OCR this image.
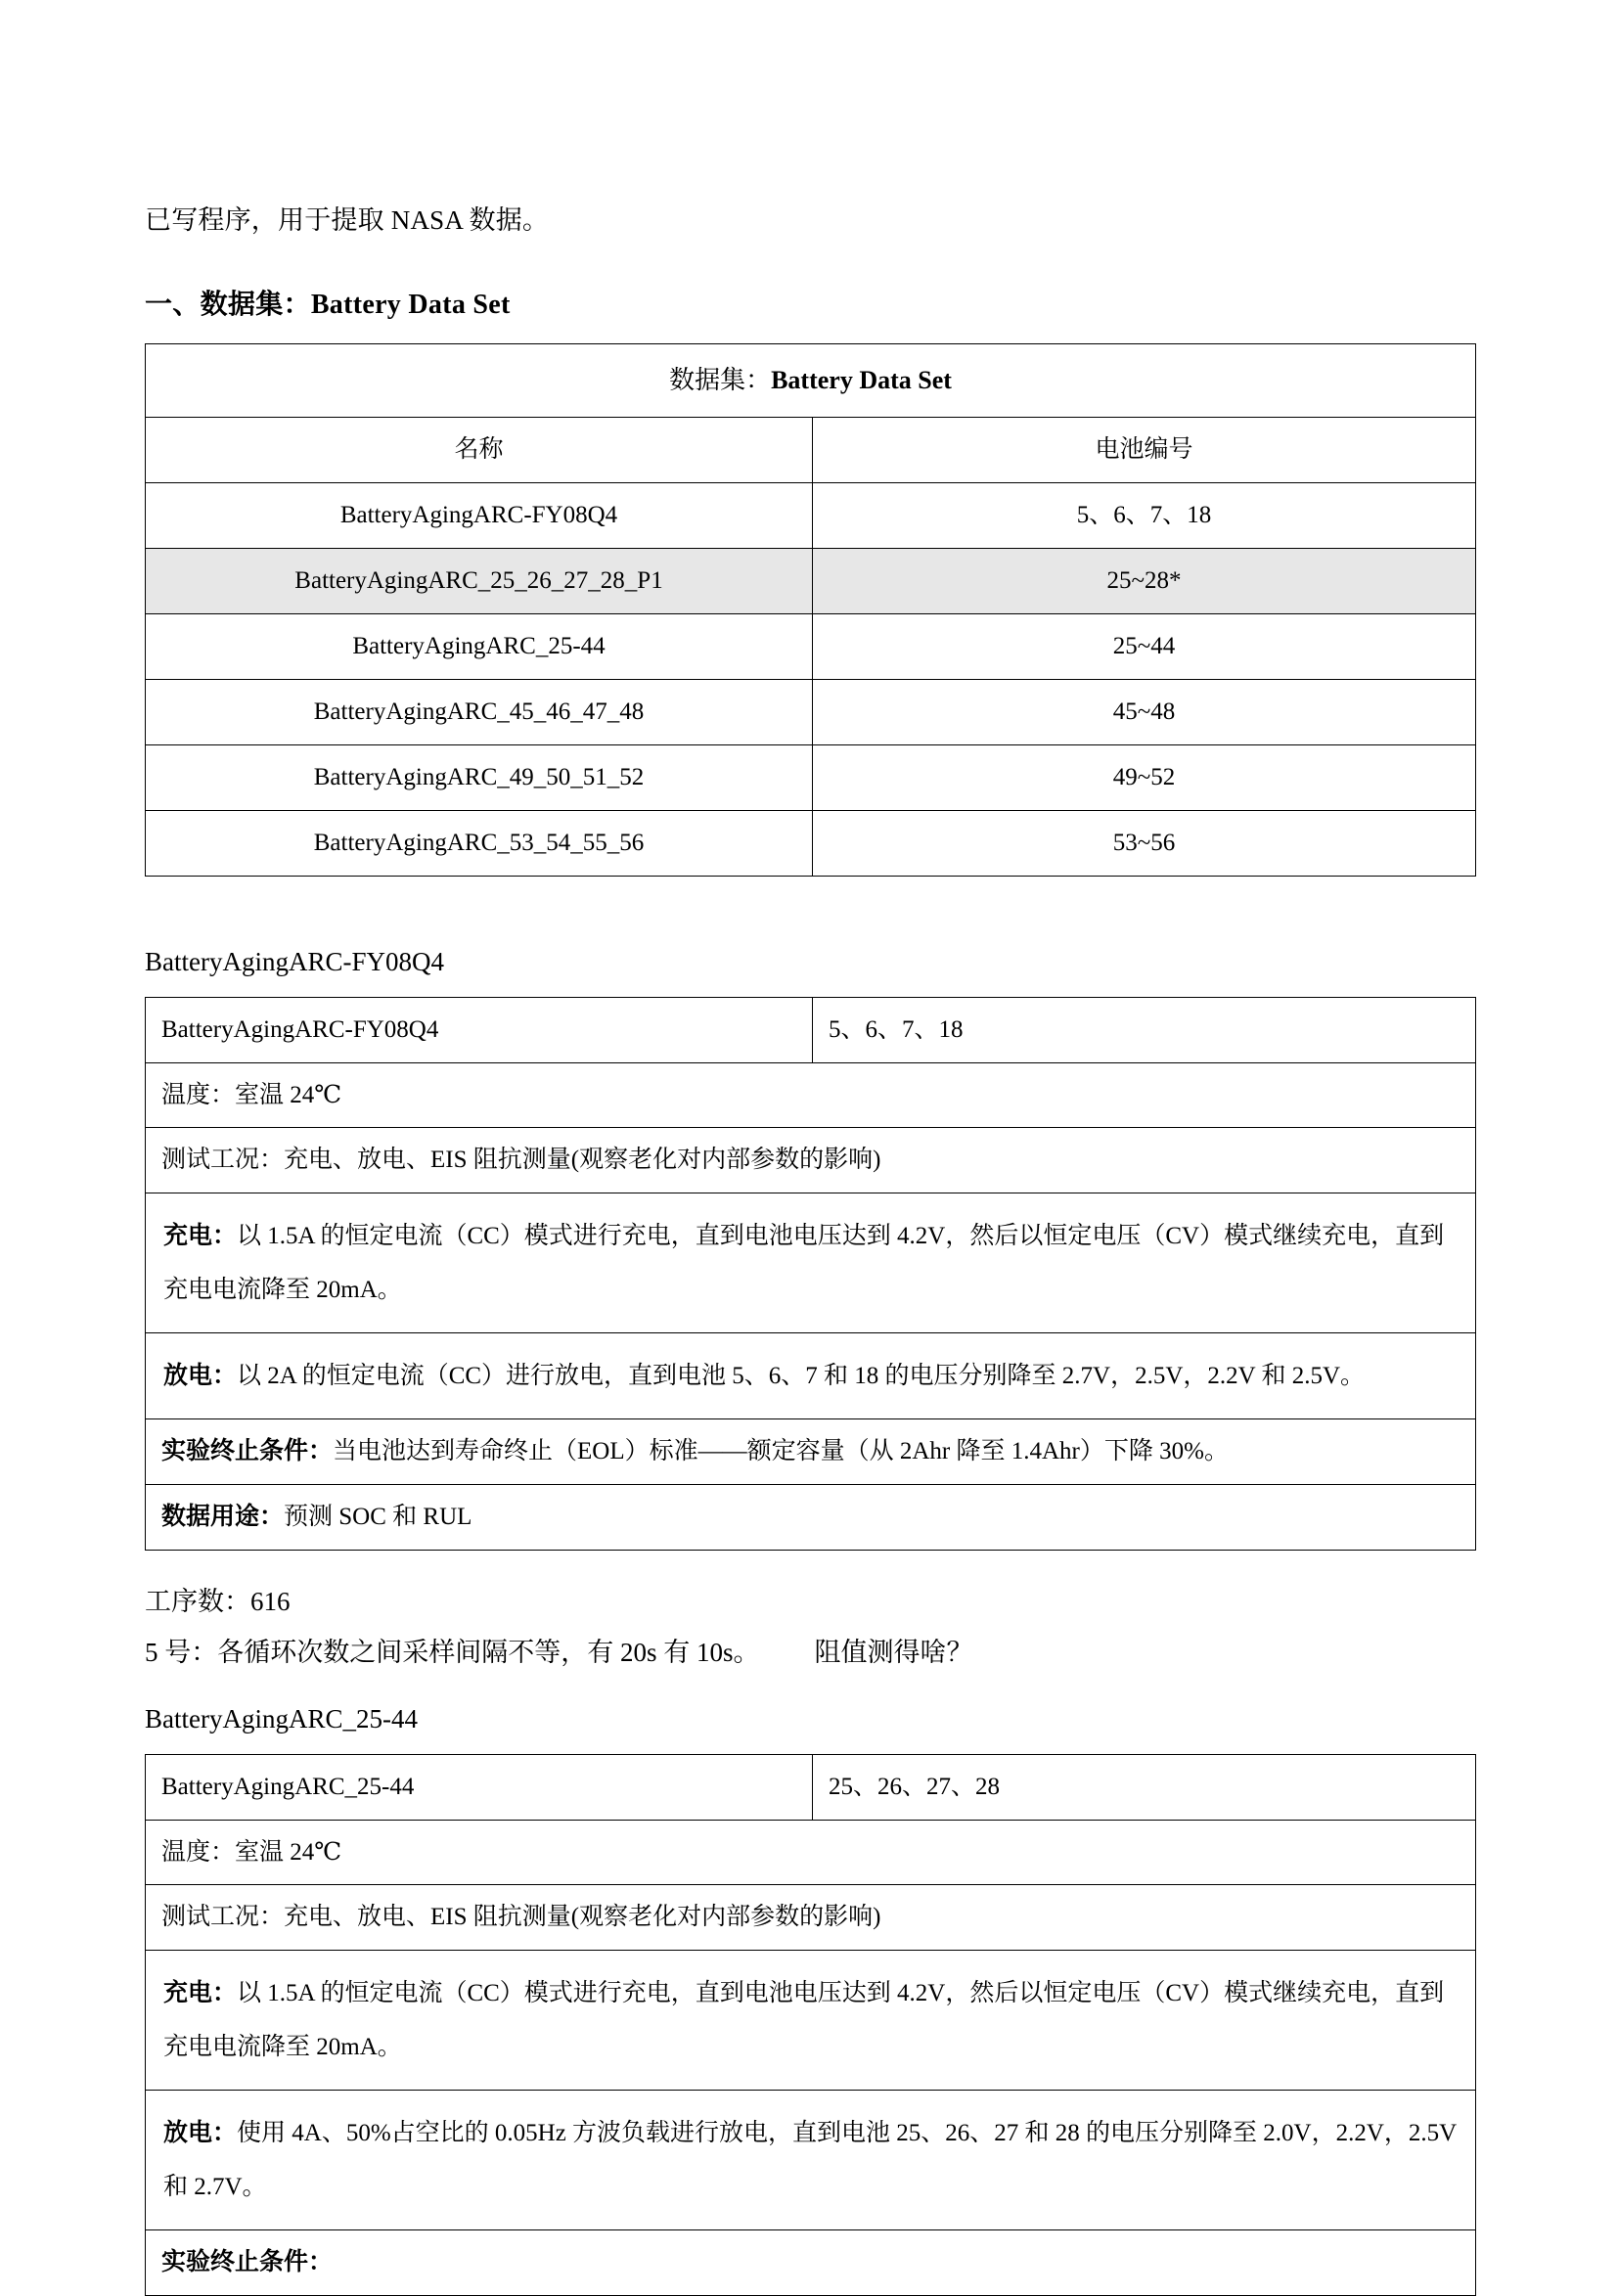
已写程序，用于提取 NASA 数据。

一、数据集：Battery Data Set
数据集：Battery Data Set	
名称	电池编号
BatteryAgingARC-FY08Q4	5、6、7、18
BatteryAgingARC_25_26_27_28_P1	25~28*
BatteryAgingARC_25-44	25~44
BatteryAgingARC_45_46_47_48	45~48
BatteryAgingARC_49_50_51_52	49~52
BatteryAgingARC_53_54_55_56	53~56

BatteryAgingARC-FY08Q4

BatteryAgingARC-FY08Q4	5、6、7、18
温度：室温 24℃
测试工况：充电、放电、EIS 阻抗测量(观察老化对内部参数的影响)
充电：以 1.5A 的恒定电流（CC）模式进行充电，直到电池电压达到 4.2V，然后以恒定电压（CV）模式继续充电，直到充电电流降至 20mA。
放电：以 2A 的恒定电流（CC）进行放电，直到电池 5、6、7 和 18 的电压分别降至 2.7V，2.5V，2.2V 和 2.5V。
实验终止条件：当电池达到寿命终止（EOL）标准——额定容量（从 2Ahr 降至 1.4Ahr）下降 30%。
数据用途：预测 SOC 和 RUL

工序数：616

5 号：各循环次数之间采样间隔不等，有 20s 有 10s。 阻值测得啥？

BatteryAgingARC_25-44

BatteryAgingARC_25-44	25、26、27、28
温度：室温 24℃
测试工况：充电、放电、EIS 阻抗测量(观察老化对内部参数的影响)
充电：以 1.5A 的恒定电流（CC）模式进行充电，直到电池电压达到 4.2V，然后以恒定电压（CV）模式继续充电，直到充电电流降至 20mA。
放电：使用 4A、50%占空比的 0.05Hz 方波负载进行放电，直到电池 25、26、27 和 28 的电压分别降至 2.0V，2.2V，2.5V 和 2.7V。
实验终止条件：
